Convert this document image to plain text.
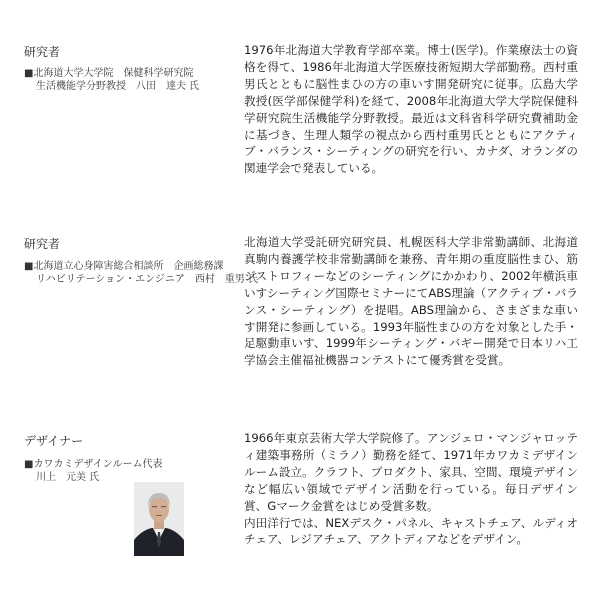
研究者
■北海道大学大学院　保健科学研究院
生活機能学分野教授　八田　達夫 氏
1976年北海道大学教育学部卒業。博士(医学)。作業療法士の資格を得て、1986年北海道大学医療技術短期大学部勤務。西村重男氏とともに脳性まひの方の車いす開発研究に従事。広島大学教授(医学部保健学科)を経て、2008年北海道大学大学院保健科学研究院生活機能学分野教授。最近は文科省科学研究費補助金に基づき、生理人類学の視点から西村重男氏とともにアクティブ・バランス・シーティングの研究を行い、カナダ、オランダの関連学会で発表している。
研究者
■北海道立心身障害総合相談所　企画総務課
リハビリテーション・エンジニア　西村　重男 氏
北海道大学受託研究研究員、札幌医科大学非常勤講師、北海道真駒内養護学校非常勤講師を兼務、青年期の重度脳性まひ、筋ジストロフィーなどのシーティングにかかわり、2002年横浜車いすシーティング国際セミナーにてABS理論（アクティブ・バランス・シーティング）を提唱。ABS理論から、さまざまな車いす開発に参画している。1993年脳性まひの方を対象とした手・足駆動車いす、1999年シーティング・バギー開発で日本リハ工学協会主催福祉機器コンテストにて優秀賞を受賞。
デザイナー
■カワカミデザインルーム代表
川上　元美 氏
1966年東京芸術大学大学院修了。アンジェロ・マンジャロッティ建築事務所（ミラノ）勤務を経て、1971年カワカミデザインルーム設立。クラフト、プロダクト、家具、空間、環境デザインなど幅広い領域でデザイン活動を行っている。毎日デザイン賞、Gマーク金賞をはじめ受賞多数。
内田洋行では、NEXデスク・パネル、キャストチェア、ルディオチェア、レジアチェア、アクトディアなどをデザイン。
